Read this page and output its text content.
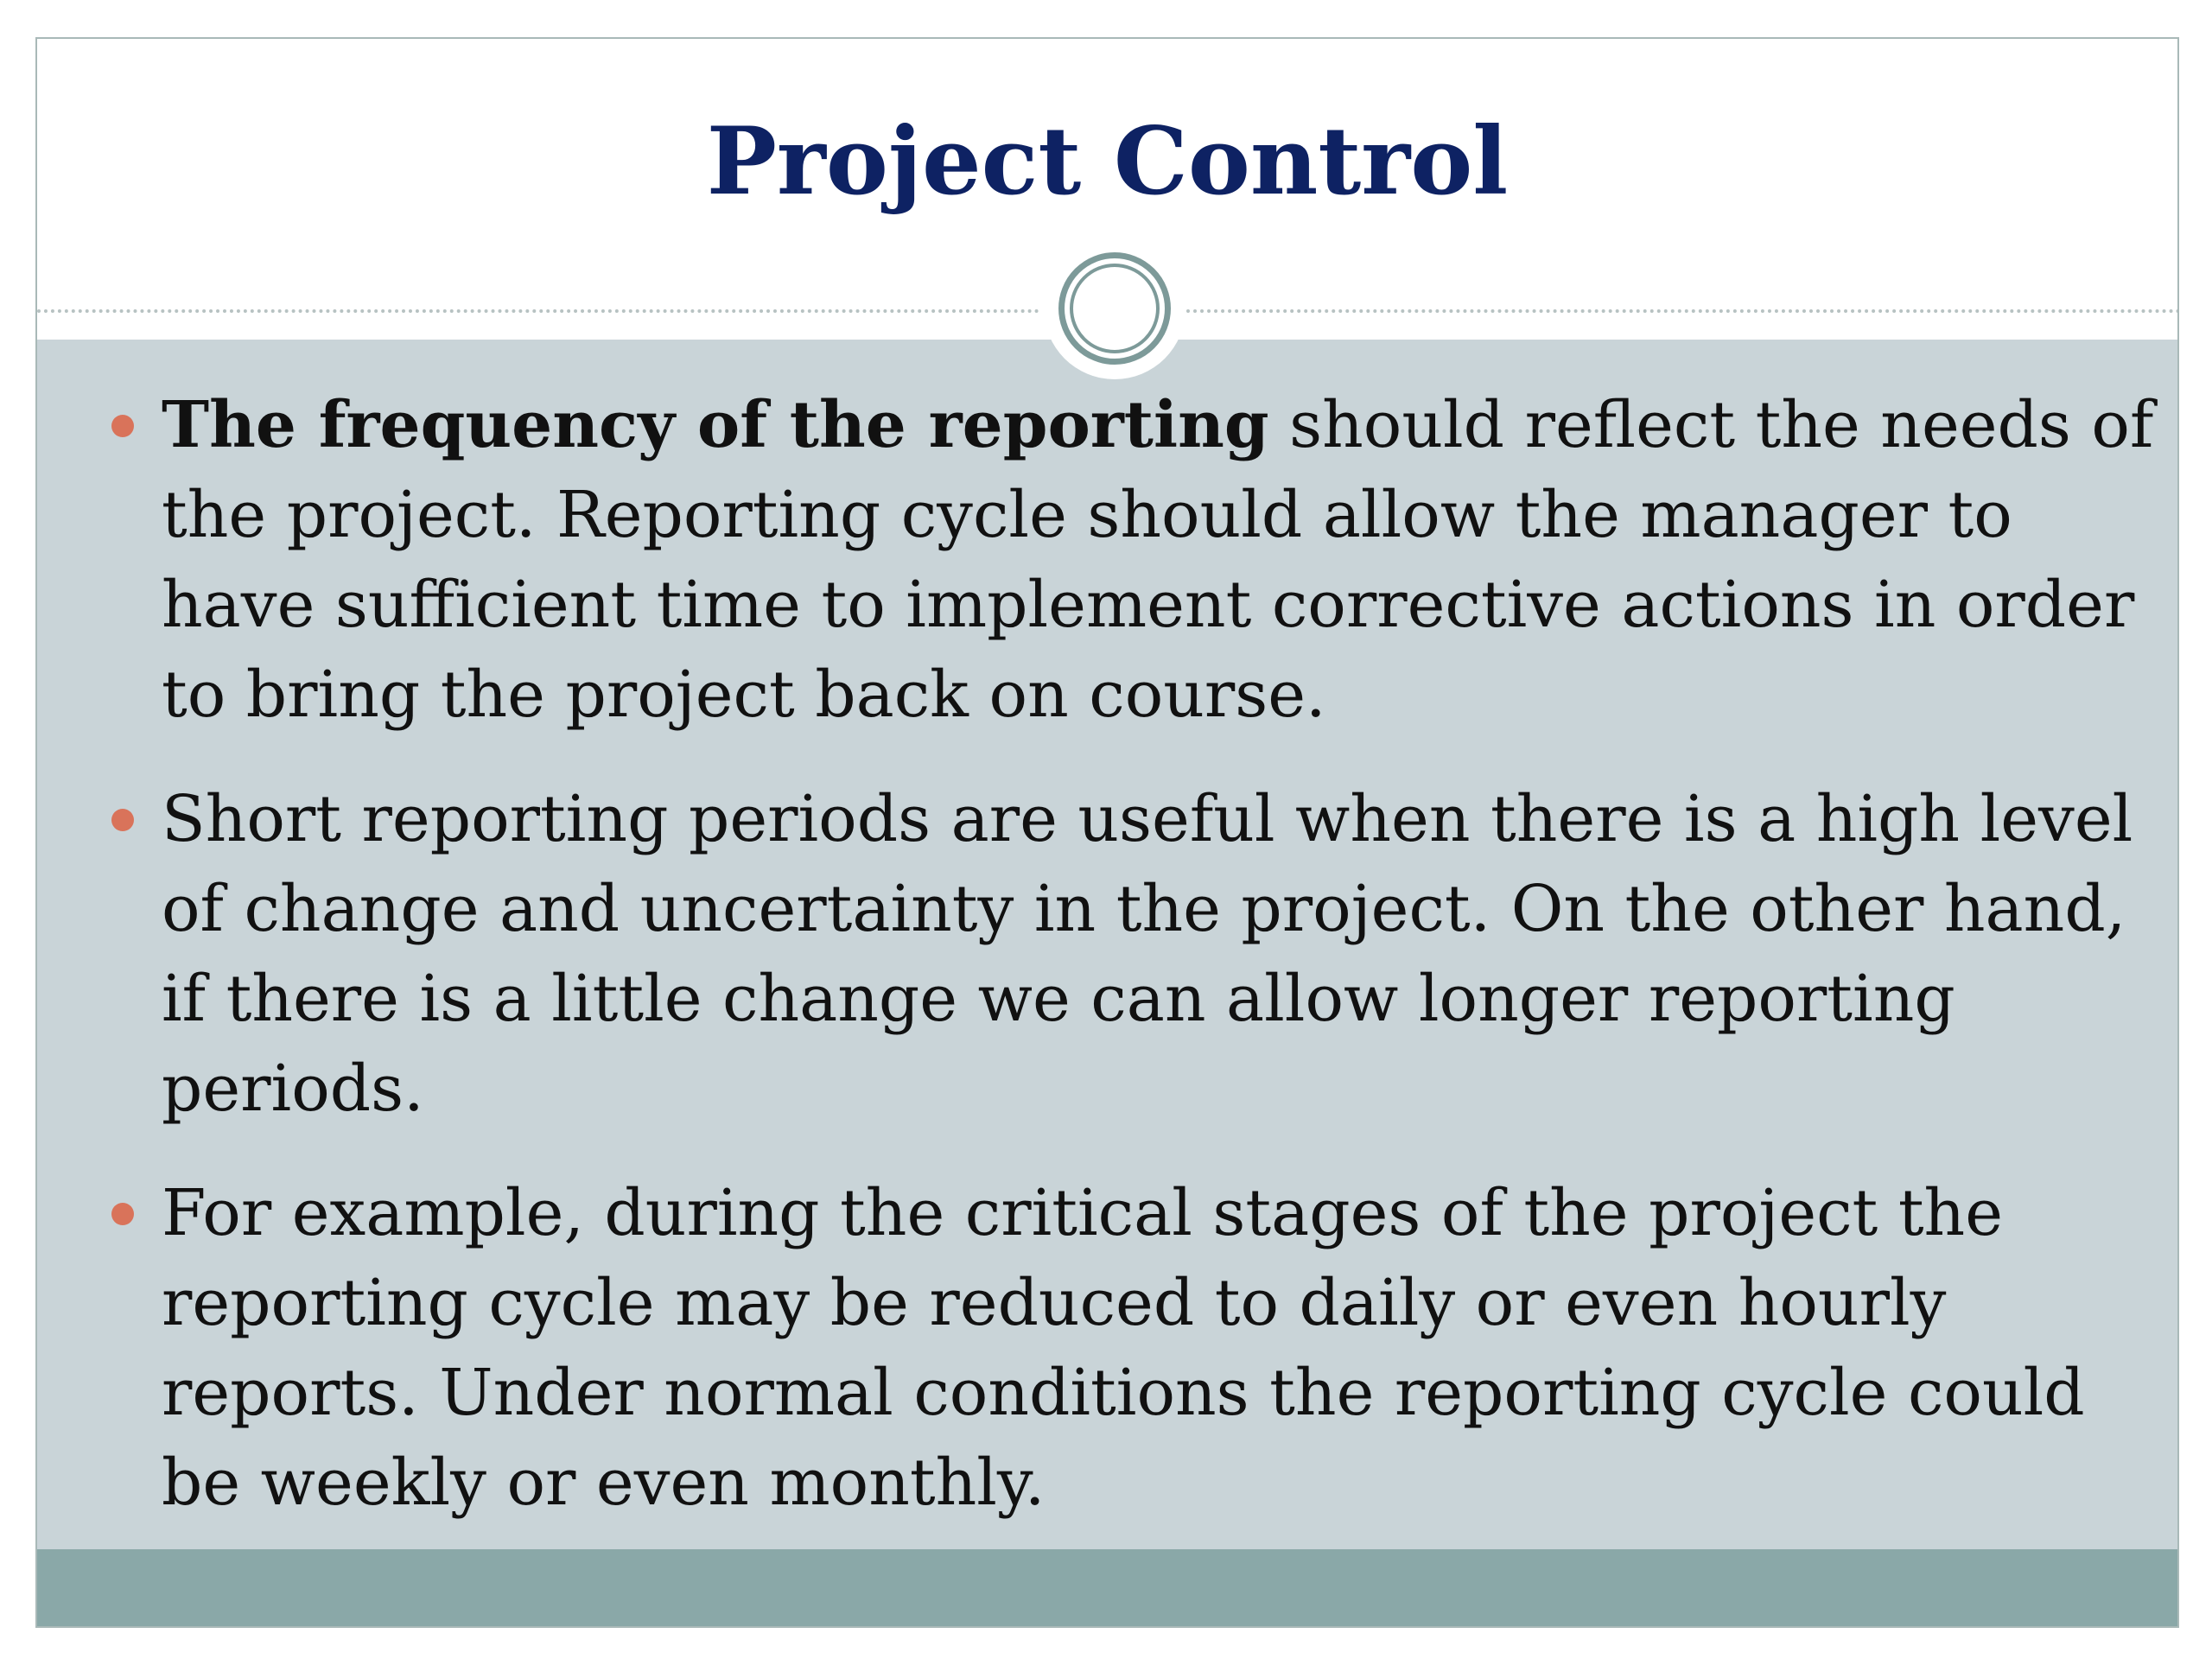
Project Control
The frequency of the reporting should reflect the needs of the project. Reporting cycle should allow the manager to have sufficient time to implement corrective actions in order to bring the project back on course.
Short reporting periods are useful when there is a high level of change and uncertainty in the project. On the other hand, if there is a little change we can allow longer reporting periods.
For example, during the critical stages of the project the reporting cycle may be reduced to daily or even hourly reports. Under normal conditions the reporting cycle could be weekly or even monthly.
